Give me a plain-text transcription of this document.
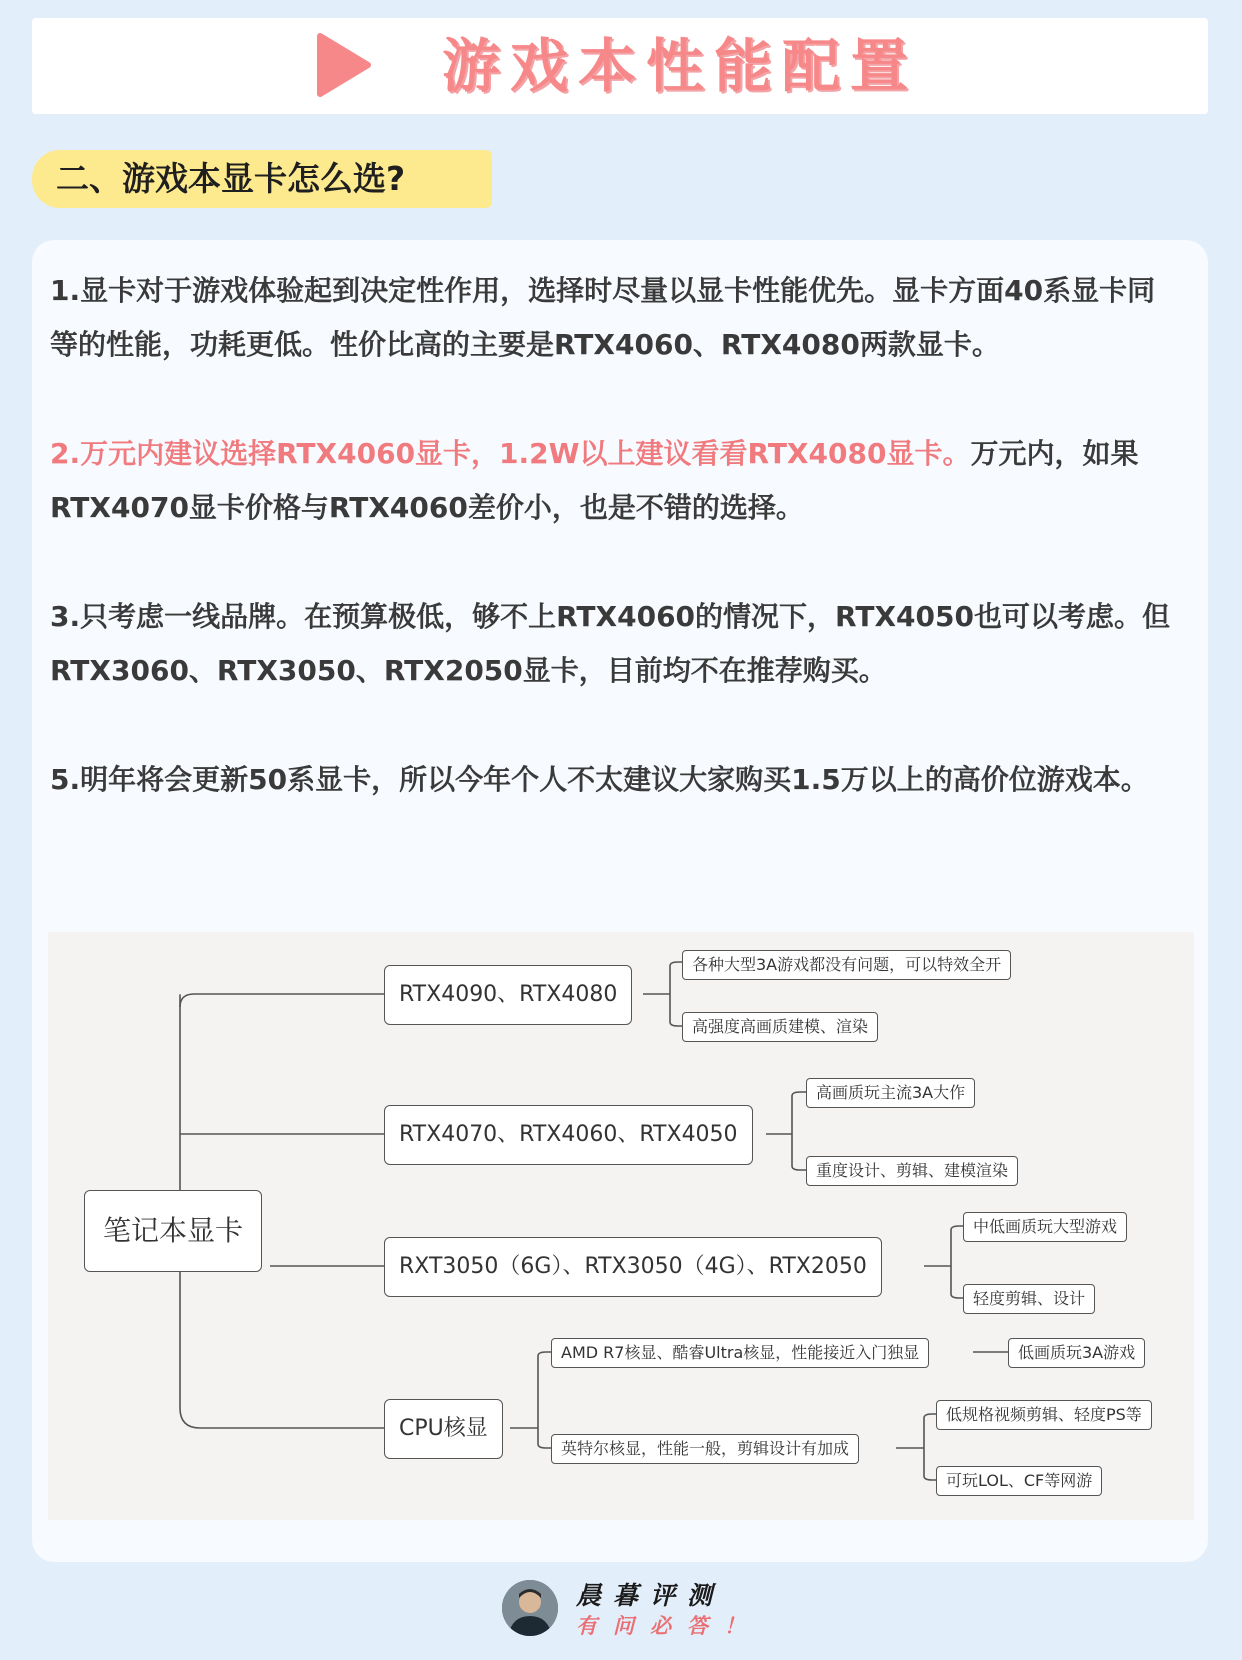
游戏本性能配置
二、游戏本显卡怎么选?
1.显卡对于游戏体验起到决定性作用，选择时尽量以显卡性能优先。显卡方面40系显卡同等的性能，功耗更低。性价比高的主要是RTX4060、RTX4080两款显卡。
2.万元内建议选择RTX4060显卡，1.2W以上建议看看RTX4080显卡。万元内，如果RTX4070显卡价格与RTX4060差价小，也是不错的选择。
3.只考虑一线品牌。在预算极低，够不上RTX4060的情况下，RTX4050也可以考虑。但RTX3060、RTX3050、RTX2050显卡，目前均不在推荐购买。
5.明年将会更新50系显卡，所以今年个人不太建议大家购买1.5万以上的高价位游戏本。
笔记本显卡
RTX4090、RTX4080
各种大型3A游戏都没有问题，可以特效全开
高强度高画质建模、渲染
RTX4070、RTX4060、RTX4050
高画质玩主流3A大作
重度设计、剪辑、建模渲染
RXT3050（6G）、RTX3050（4G）、RTX2050
中低画质玩大型游戏
轻度剪辑、设计
CPU核显
AMD R7核显、酷睿Ultra核显，性能接近入门独显	低画质玩3A游戏
英特尔核显，性能一般，剪辑设计有加成
低规格视频剪辑、轻度PS等
可玩LOL、CF等网游
晨暮评测
有问必答！
